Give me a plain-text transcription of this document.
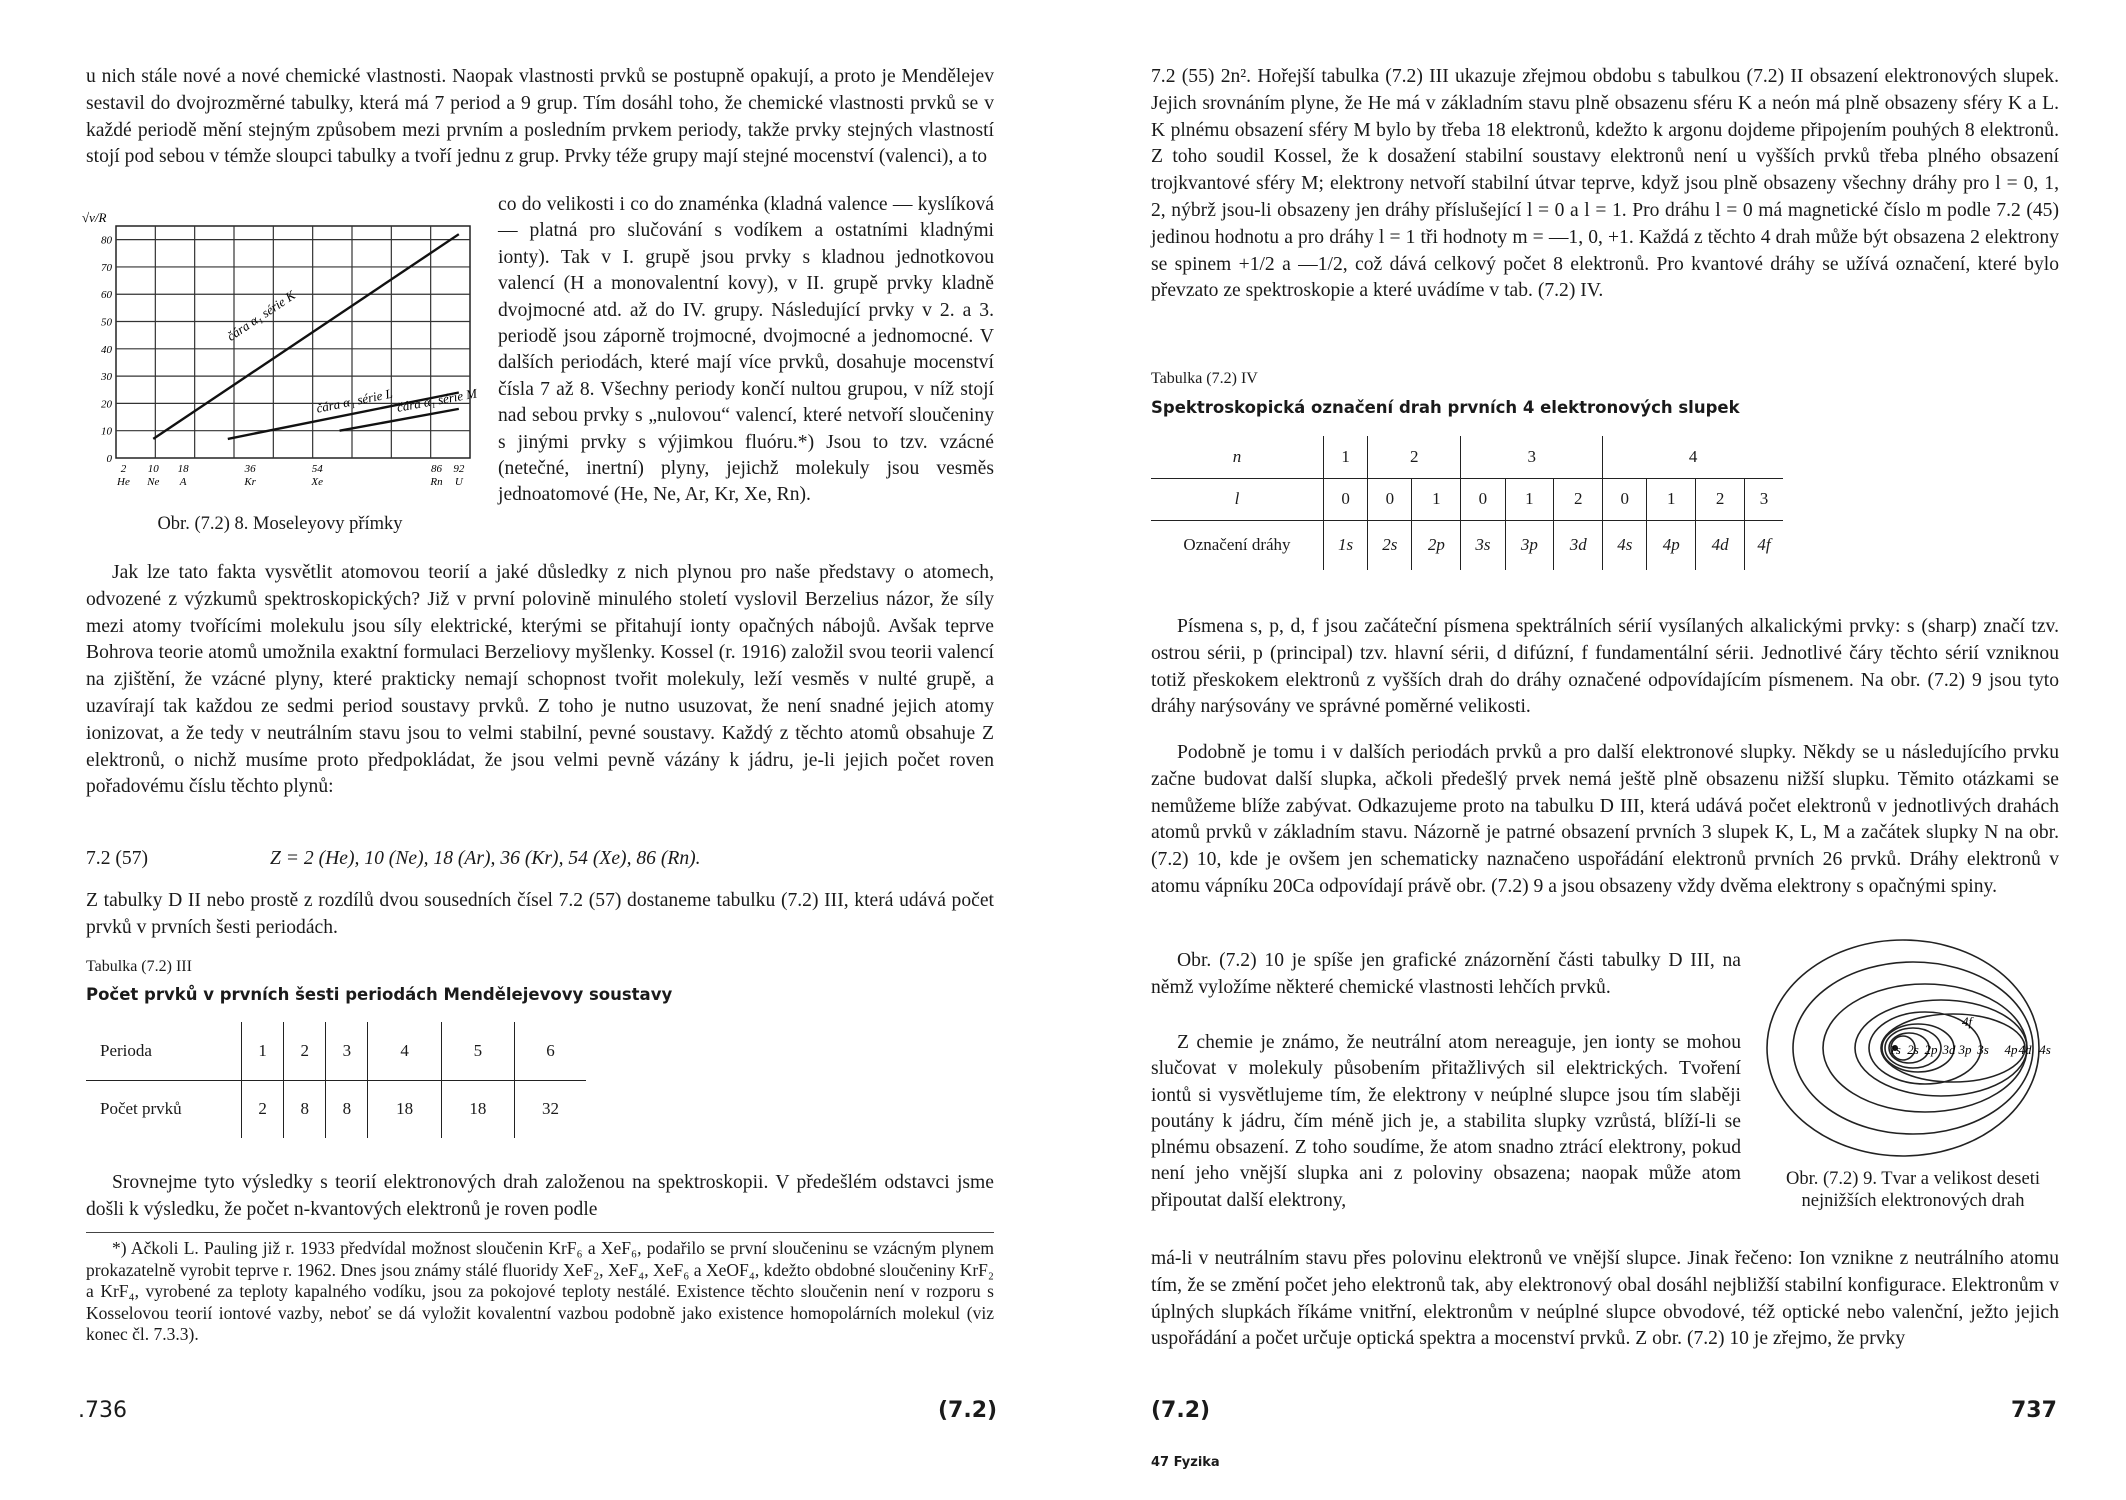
u nich stále nové a nové chemické vlastnosti. Naopak vlastnosti prvků se postupně opakují, a proto je Mendělejev sestavil do dvojrozměrné tabulky, která má 7 period a 9 grup. Tím dosáhl toho, že chemické vlastnosti prvků se v každé periodě mění stejným způsobem mezi prvním a posledním prvkem periody, takže prvky stejných vlastností stojí pod sebou v témže sloupci tabulky a tvoří jednu z grup. Prvky téže grupy mají stejné mocenství (valenci), a to

0
10
20
30
40
50
60
70
80
√ν/R
2
He
10
Ne
18
A
36
Kr
54
Xe
86
Rn
92
U
čára α₁ série K
čára α₁ série L čára α₁ série M
Obr. (7.2) 8. Moseleyovy přímky

co do velikosti i co do znaménka (kladná valence — kyslíková — platná pro slučování s vodíkem a ostatními kladnými ionty). Tak v I. grupě jsou prvky s kladnou jednotkovou valencí (H a monovalentní kovy), v II. grupě prvky kladně dvojmocné atd. až do IV. grupy. Následující prvky v 2. a 3. periodě jsou záporně trojmocné, dvojmocné a jednomocné. V dalších periodách, které mají více prvků, dosahuje mocenství čísla 7 až 8. Všechny periody končí nultou grupou, v níž stojí nad sebou prvky s „nulovou“ valencí, které netvoří sloučeniny s jinými prvky s výjimkou fluóru.*) Jsou to tzv. vzácné (netečné, inertní) plyny, jejichž molekuly jsou vesměs jednoatomové (He, Ne, Ar, Kr, Xe, Rn).

Jak lze tato fakta vysvětlit atomovou teorií a jaké důsledky z nich plynou pro naše představy o atomech, odvozené z výzkumů spektroskopických? Již v první polovině minulého století vyslovil Berzelius názor, že síly mezi atomy tvořícími molekulu jsou síly elektrické, kterými se přitahují ionty opačných nábojů. Avšak teprve Bohrova teorie atomů umožnila exaktní formulaci Berzeliovy myšlenky. Kossel (r. 1916) založil svou teorii valencí na zjištění, že vzácné plyny, které prakticky nemají schopnost tvořit molekuly, leží vesměs v nulté grupě, a uzavírají tak každou ze sedmi period soustavy prvků. Z toho je nutno usuzovat, že není snadné jejich atomy ionizovat, a že tedy v neutrálním stavu jsou to velmi stabilní, pevné soustavy. Každý z těchto atomů obsahuje Z elektronů, o nichž musíme proto předpokládat, že jsou velmi pevně vázány k jádru, je-li jejich počet roven pořadovému číslu těchto plynů:

7.2 (57)	Z = 2 (He), 10 (Ne), 18 (Ar), 36 (Kr), 54 (Xe), 86 (Rn).

Z tabulky D II nebo prostě z rozdílů dvou sousedních čísel 7.2 (57) dostaneme tabulku (7.2) III, která udává počet prvků v prvních šesti periodách.

Tabulka (7.2) III
Počet prvků v prvních šesti periodách Mendělejevovy soustavy
Perioda	1	2	3	4	5	6
Počet prvků	2	8	8	18	18	32

Srovnejme tyto výsledky s teorií elektronových drah založenou na spektroskopii. V předešlém odstavci jsme došli k výsledku, že počet n-kvantových elektronů je roven podle

*) Ačkoli L. Pauling již r. 1933 předvídal možnost sloučenin KrF₆ a XeF₆, podařilo se první sloučeninu se vzácným plynem prokazatelně vyrobit teprve r. 1962. Dnes jsou známy stálé fluoridy XeF₂, XeF₄, XeF₆ a XeOF₄, kdežto obdobné sloučeniny KrF₂ a KrF₄, vyrobené za teploty kapalného vodíku, jsou za pokojové teploty nestálé. Existence těchto sloučenin není v rozporu s Kosselovou teorií iontové vazby, neboť se dá vyložit kovalentní vazbou podobně jako existence homopolárních molekul (viz konec čl. 7.3.3).

.736	(7.2)

7.2 (55) 2n². Hořejší tabulka (7.2) III ukazuje zřejmou obdobu s tabulkou (7.2) II obsazení elektronových slupek. Jejich srovnáním plyne, že He má v základním stavu plně obsazenu sféru K a neón má plně obsazeny sféry K a L. K plnému obsazení sféry M bylo by třeba 18 elektronů, kdežto k argonu dojdeme připojením pouhých 8 elektronů. Z toho soudil Kossel, že k dosažení stabilní soustavy elektronů není u vyšších prvků třeba plného obsazení trojkvantové sféry M; elektrony netvoří stabilní útvar teprve, když jsou plně obsazeny všechny dráhy pro l = 0, 1, 2, nýbrž jsou-li obsazeny jen dráhy příslušející l = 0 a l = 1. Pro dráhu l = 0 má magnetické číslo m podle 7.2 (45) jedinou hodnotu a pro dráhy l = 1 tři hodnoty m = —1, 0, +1. Každá z těchto 4 drah může být obsazena 2 elektrony se spinem +1/2 a —1/2, což dává celkový počet 8 elektronů. Pro kvantové dráhy se užívá označení, které bylo převzato ze spektroskopie a které uvádíme v tab. (7.2) IV.

Tabulka (7.2) IV
Spektroskopická označení drah prvních 4 elektronových slupek
n	1	2		3			4			
l	0	0	1	0	1	2	0	1	2	3
Označení dráhy	1s	2s	2p	3s	3p	3d	4s	4p	4d	4f

Písmena s, p, d, f jsou začáteční písmena spektrálních sérií vysílaných alkalickými prvky: s (sharp) značí tzv. ostrou sérii, p (principal) tzv. hlavní sérii, d difúzní, f fundamentální sérii. Jednotlivé čáry těchto sérií vzniknou totiž přeskokem elektronů z vyšších drah do dráhy označené odpovídajícím písmenem. Na obr. (7.2) 9 jsou tyto dráhy narýsovány ve správné poměrné velikosti.

Podobně je tomu i v dalších periodách prvků a pro další elektronové slupky. Někdy se u následujícího prvku začne budovat další slupka, ačkoli předešlý prvek nemá ještě plně obsazenu nižší slupku. Těmito otázkami se nemůžeme blíže zabývat. Odkazujeme proto na tabulku D III, která udává počet elektronů v jednotlivých drahách atomů prvků v základním stavu. Názorně je patrné obsazení prvních 3 slupek K, L, M a začátek slupky N na obr. (7.2) 10, kde je ovšem jen schematicky naznačeno uspořádání elektronů prvních 26 prvků. Dráhy elektronů v atomu vápníku 20Ca odpovídají právě obr. (7.2) 9 a jsou obsazeny vždy dvěma elektrony s opačnými spiny.

Obr. (7.2) 10 je spíše jen grafické znázornění části tabulky D III, na němž vyložíme některé chemické vlastnosti lehčích prvků.

Z chemie je známo, že neutrální atom nereaguje, jen ionty se mohou slučovat v molekuly působením přitažlivých sil elektrických. Tvoření iontů si vysvětlujeme tím, že elektrony v neúplné slupce jsou tím slaběji poutány k jádru, čím méně jich je, a stabilita slupky vzrůstá, blíží-li se plnému obsazení. Z toho soudíme, že atom snadno ztrácí elektrony, pokud není jeho vnější slupka ani z poloviny obsazena; naopak může atom připoutat další elektrony,

má-li v neutrálním stavu přes polovinu elektronů ve vnější slupce. Jinak řečeno: Ion vznikne z neutrálního atomu tím, že se změní počet jeho elektronů tak, aby elektronový obal dosáhl nejbližší stabilní konfigurace. Elektronům v úplných slupkách říkáme vnitřní, elektronům v neúplné slupce obvodové, též optické nebo valenční, ježto jejich uspořádání a počet určuje optická spektra a mocenství prvků. Z obr. (7.2) 10 je zřejmo, že prvky

1s 2s 2p	3s
3p
3d	4s
4p 4d
4f
Obr. (7.2) 9. Tvar a velikost deseti nejnižších elektronových drah
(7.2)	737
47 Fyzika
